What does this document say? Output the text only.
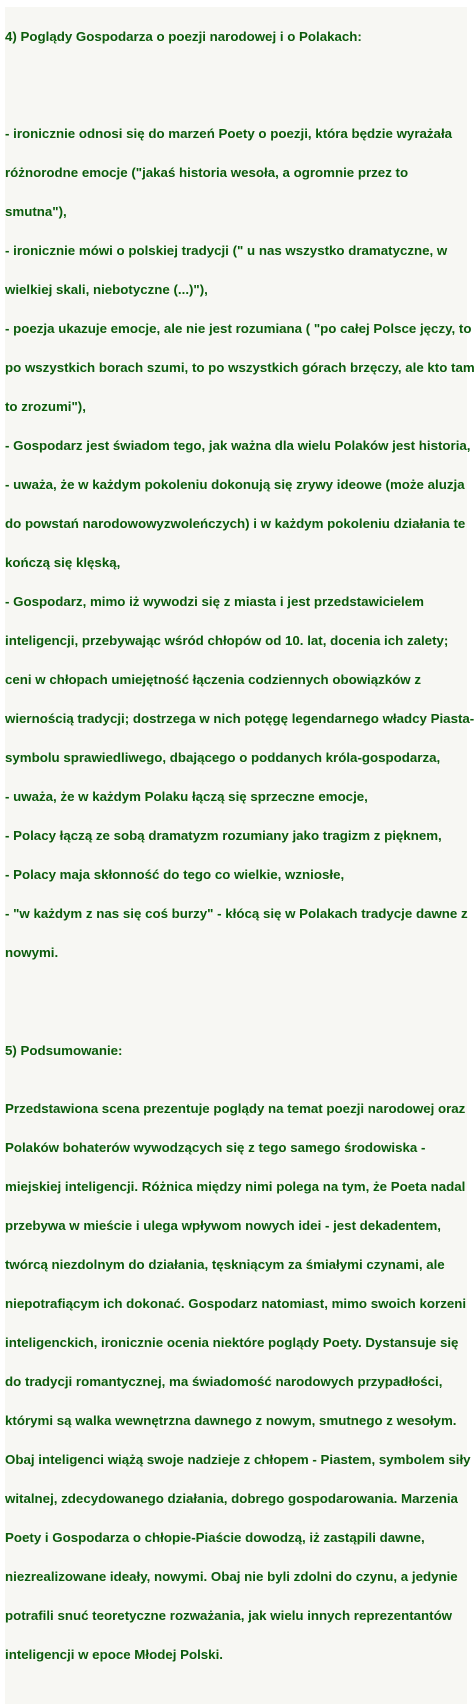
4) Poglądy Gospodarza o poezji narodowej i o Polakach:

- ironicznie odnosi się do marzeń Poety o poezji, która będzie wyrażała

różnorodne emocje ("jakaś historia wesoła, a ogromnie przez to

smutna"),

- ironicznie mówi o polskiej tradycji (" u nas wszystko dramatyczne, w

wielkiej skali, niebotyczne (...)"),

- poezja ukazuje emocje, ale nie jest rozumiana ( "po całej Polsce jęczy, to

po wszystkich borach szumi, to po wszystkich górach brzęczy, ale kto tam

to zrozumi"),

- Gospodarz jest świadom tego, jak ważna dla wielu Polaków jest historia,

- uważa, że w każdym pokoleniu dokonują się zrywy ideowe (może aluzja

do powstań narodowowyzwoleńczych) i w każdym pokoleniu działania te

kończą się klęską,

- Gospodarz, mimo iż wywodzi się z miasta i jest przedstawicielem

inteligencji, przebywając wśród chłopów od 10. lat, docenia ich zalety;

ceni w chłopach umiejętność łączenia codziennych obowiązków z

wiernością tradycji; dostrzega w nich potęgę legendarnego władcy Piasta-

symbolu sprawiedliwego, dbającego o poddanych króla-gospodarza,

- uważa, że w każdym Polaku łączą się sprzeczne emocje,

- Polacy łączą ze sobą dramatyzm rozumiany jako tragizm z pięknem,

- Polacy maja skłonność do tego co wielkie, wzniosłe,

- "w każdym z nas się coś burzy" - kłócą się w Polakach tradycje dawne z

nowymi.

5) Podsumowanie:

Przedstawiona scena prezentuje poglądy na temat poezji narodowej oraz

Polaków bohaterów wywodzących się z tego samego środowiska -

miejskiej inteligencji. Różnica między nimi polega na tym, że Poeta nadal

przebywa w mieście i ulega wpływom nowych idei - jest dekadentem,

twórcą niezdolnym do działania, tęskniącym za śmiałymi czynami, ale

niepotrafiącym ich dokonać. Gospodarz natomiast, mimo swoich korzeni

inteligenckich, ironicznie ocenia niektóre poglądy Poety. Dystansuje się

do tradycji romantycznej, ma świadomość narodowych przypadłości,

którymi są walka wewnętrzna dawnego z nowym, smutnego z wesołym.

Obaj inteligenci wiążą swoje nadzieje z chłopem - Piastem, symbolem siły

witalnej, zdecydowanego działania, dobrego gospodarowania. Marzenia

Poety i Gospodarza o chłopie-Piaście dowodzą, iż zastąpili dawne,

niezrealizowane ideały, nowymi. Obaj nie byli zdolni do czynu, a jedynie

potrafili snuć teoretyczne rozważania, jak wielu innych reprezentantów

inteligencji w epoce Młodej Polski.
